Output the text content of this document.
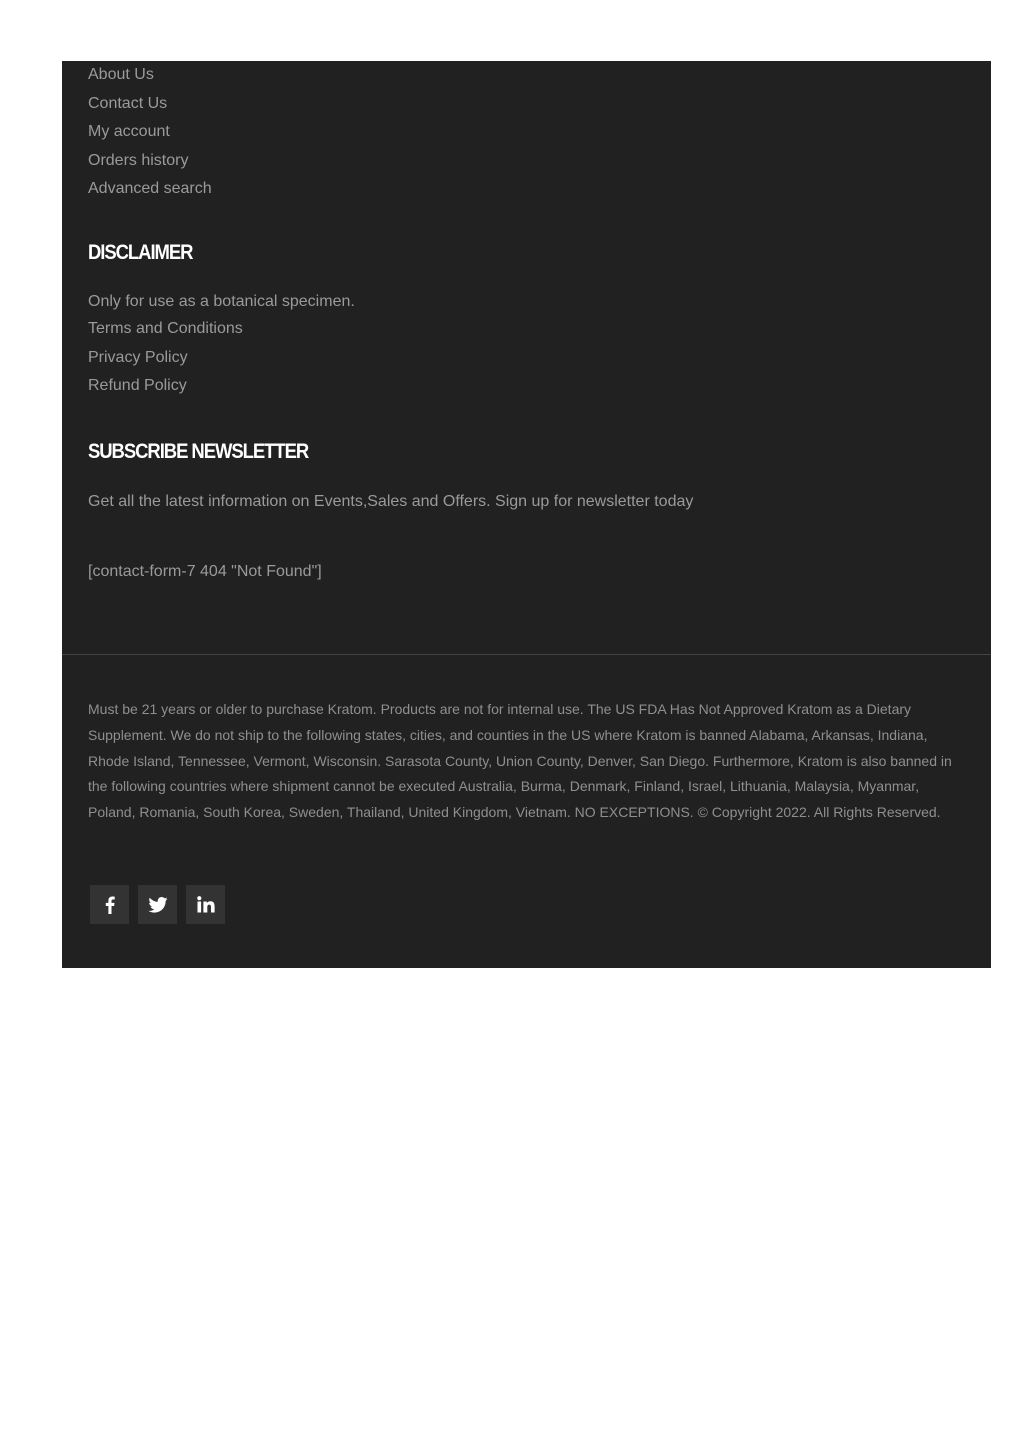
About Us
Contact Us
My account
Orders history
Advanced search
DISCLAIMER

Only for use as a botanical specimen.

Terms and Conditions
Privacy Policy
Refund Policy
SUBSCRIBE NEWSLETTER

Get all the latest information on Events,Sales and Offers. Sign up for newsletter today

[contact-form-7 404 "Not Found"]

Must be 21 years or older to purchase Kratom. Products are not for internal use. The US FDA Has Not Approved Kratom as a Dietary Supplement. We do not ship to the following states, cities, and counties in the US where Kratom is banned Alabama, Arkansas, Indiana, Rhode Island, Tennessee, Vermont, Wisconsin. Sarasota County, Union County, Denver, San Diego. Furthermore, Kratom is also banned in the following countries where shipment cannot be executed Australia, Burma, Denmark, Finland, Israel, Lithuania, Malaysia, Myanmar, Poland, Romania, South Korea, Sweden, Thailand, United Kingdom, Vietnam. NO EXCEPTIONS. © Copyright 2022. All Rights Reserved.
